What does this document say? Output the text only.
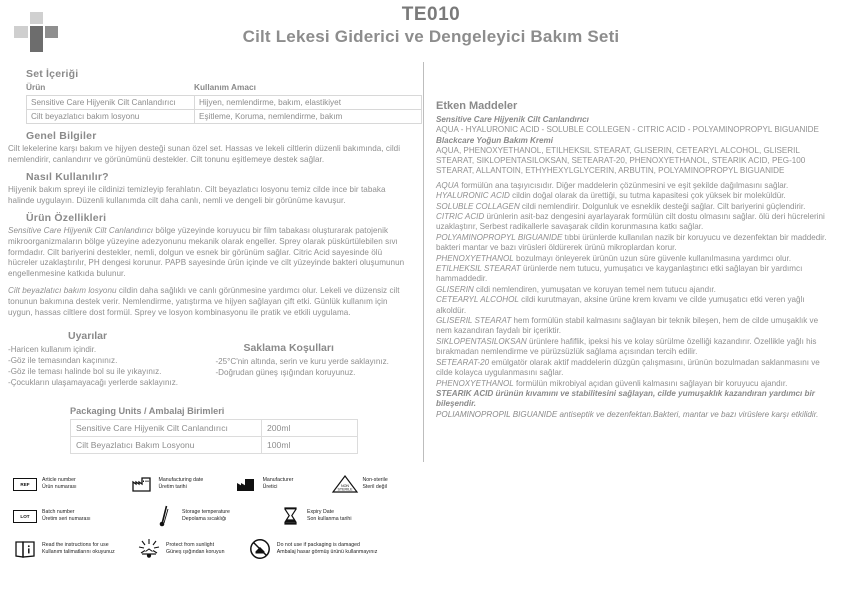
TE010
Cilt Lekesi Giderici ve Dengeleyici Bakım Seti
Set İçeriği
Ürün	Kullanım Amacı
Sensitive Care Hijyenik Cilt Canlandırıcı	Hijyen, nemlendirme, bakım, elastikiyet
Cilt beyazlatıcı bakım losyonu	Eşitleme, Koruma, nemlendirme, bakım
Genel Bilgiler

Cilt lekelerine karşı bakım ve hijyen desteği sunan özel set. Hassas ve lekeli ciltlerin düzenli bakımında, cildi nemlendirir, canlandırır ve görünümünü destekler. Cilt tonunu eşitlemeye destek sağlar.

Nasıl Kullanılır?

Hijyenik bakım spreyi ile cildinizi temizleyip ferahlatın. Cilt beyazlatıcı losyonu temiz cilde ince bir tabaka halinde uygulayın. Düzenli kullanımda cilt daha canlı, nemli ve dengeli bir görünüme kavuşur.

Ürün Özellikleri

Sensitive Care Hijyenik Cilt Canlandırıcı bölge yüzeyinde koruyucu bir film tabakası oluşturarak patojenik mikroorganizmaların bölge yüzeyine adezyonunu mekanik olarak engeller. Sprey olarak püskürtülebilen sıvı formdadır. Cilt bariyerini destekler, nemli, dolgun ve esnek bir görünüm sağlar. Citric Acid sayesinde ölü hücreler uzaklaştırılır, PH dengesi korunur. PAPB sayesinde ürün içinde ve cilt yüzeyinde bakteri oluşumunun engellenmesine katkıda bulunur.

Cilt beyazlatıcı bakım losyonu cildin daha sağlıklı ve canlı görünmesine yardımcı olur. Lekeli ve düzensiz cilt tonunun bakımına destek verir. Nemlendirme, yatıştırma ve hijyen sağlayan çift etki. Günlük kullanım için uygun, hassas ciltlere dost formül. Sprey ve losyon kombinasyonu ile pratik ve etkili uygulama.

Uyarılar
-Haricen kullanım içindir.
-Göz ile temasından kaçınınız.
-Göz ile teması halinde bol su ile yıkayınız.
-Çocukların ulaşamayacağı yerlerde saklayınız.
Saklama Koşulları
-25°C'nin altında, serin ve kuru yerde saklayınız.
-Doğrudan güneş ışığından koruyunuz.
Packaging Units / Ambalaj Birimleri
Sensitive Care Hijyenik Cilt Canlandırıcı	200ml
Cilt Beyazlatıcı Bakım Losyonu	100ml
REF
Article number
Ürün numarası
Manufacturing date
Üretim tarihi
Manufacturer
Üretici	NON
STERILE
Non-sterile
Steril değil
LOT
Batch number
Üretim seri numarası
Storage temperature
Depolama sıcaklığı
Expiry Date
Son kullanma tarihi
Read the instructions for use
Kullanım talimatlarını okuyunuz
Protect from sunlight
Güneş ışığından koruyun
Do not use if packaging is damaged
Ambalaj hasar görmüş ürünü kullanmayınız
Etken Maddeler
Sensitive Care Hijyenik Cilt Canlandırıcı
AQUA - HYALURONIC ACID - SOLUBLE COLLEGEN - CITRIC ACID - POLYAMINOPROPYL BIGUANIDE
Blackcare Yoğun Bakım Kremi
AQUA, PHENOXYETHANOL, ETILHEKSIL STEARAT, GLISERIN, CETEARYL ALCOHOL, GLISERIL STEARAT, SIKLOPENTASILOKSAN, SETEARAT-20, PHENOXYETHANOL, STEARIK ACID, PEG-100 STEARAT, ALLANTOIN, ETHYHEXYLGLYCERIN, ARBUTIN, POLYAMINOPROPYL BIGUANIDE

AQUA formülün ana taşıyıcısıdır. Diğer maddelerin çözünmesini ve eşit şekilde dağılmasını sağlar.

HYALURONIC ACID cildin doğal olarak da ürettiği, su tutma kapasitesi çok yüksek bir moleküldür.

SOLUBLE COLLAGEN cildi nemlendirir. Dolgunluk ve esneklik desteği sağlar. Cilt bariyerini güçlendirir.

CITRIC ACID ürünlerin asit-baz dengesini ayarlayarak formülün cilt dostu olmasını sağlar. ölü deri hücrelerini uzaklaştırır, Serbest radikallerle savaşarak cildin korunmasına katkı sağlar.

POLYAMINOPROPYL BIGUANIDE tıbbi ürünlerde kullanılan nazik bir koruyucu ve dezenfektan bir maddedir. bakteri mantar ve bazı virüsleri öldürerek ürünü mikroplardan korur.

PHENOXYETHANOL bozulmayı önleyerek ürünün uzun süre güvenle kullanılmasına yardımcı olur.

ETILHEKSIL STEARAT ürünlerde nem tutucu, yumuşatıcı ve kayganlaştırıcı etki sağlayan bir yardımcı hammaddedir.

GLISERIN cildi nemlendiren, yumuşatan ve koruyan temel nem tutucu ajandır.

CETEARYL ALCOHOL cildi kurutmayan, aksine ürüne krem kıvamı ve cilde yumuşatıcı etki veren yağlı alkoldür.

GLISERIL STEARAT hem formülün stabil kalmasını sağlayan bir teknik bileşen, hem de cilde umuşaklık ve nem kazandıran faydalı bir içeriktir.

SIKLOPENTASILOKSAN ürünlere hafiflik, ipeksi his ve kolay sürülme özelliği kazandırır. Özellikle yağlı his bırakmadan nemlendirme ve pürüzsüzlük sağlama açısından tercih edilir.

SETEARAT-20 emülgatör olarak aktif maddelerin düzgün çalışmasını, ürünün bozulmadan saklanmasını ve cilde kolayca uygulanmasını sağlar.

PHENOXYETHANOL formülün mikrobiyal açıdan güvenli kalmasını sağlayan bir koruyucu ajandır.

STEARIK ACID ürünün kıvamını ve stabilitesini sağlayan, cilde yumuşaklık kazandıran yardımcı bir bileşendir.

POLIAMINOPROPIL BIGUANIDE antiseptik ve dezenfektan.Bakteri, mantar ve bazı virüslere karşı etkilidir.
